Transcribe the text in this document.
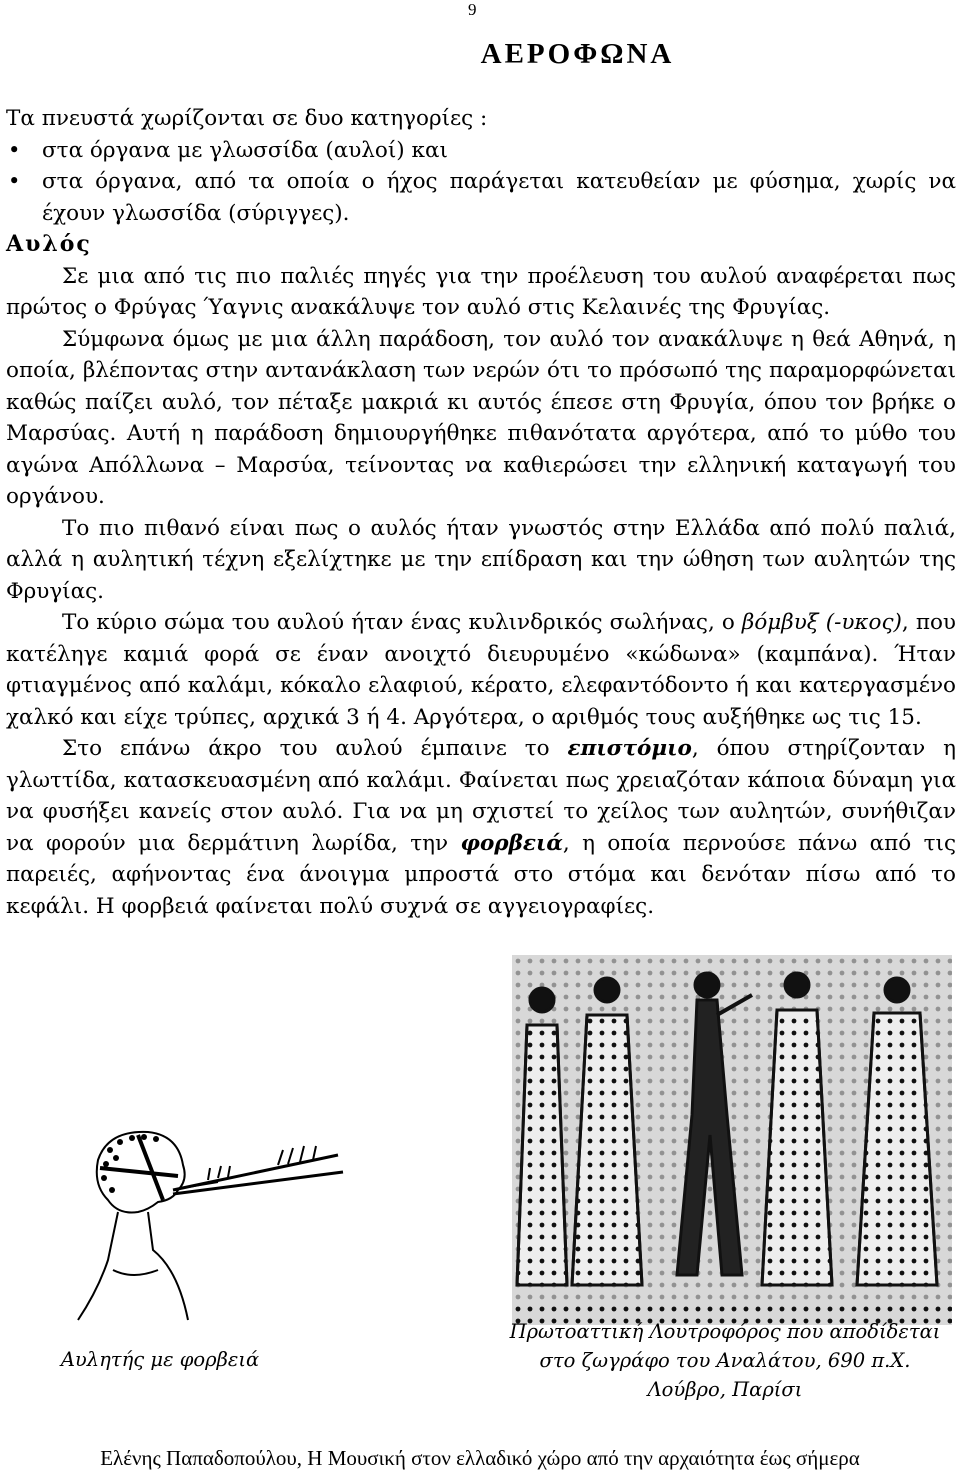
9
ΑΕΡΟΦΩΝΑ
Τα πνευστά χωρίζονται σε δυο κατηγορίες :
• στα όργανα με γλωσσίδα (αυλοί) και
• στα όργανα, από τα οποία ο ήχος παράγεται κατευθείαν με φύσημα, χωρίς να έχουν γλωσσίδα (σύριγγες).
Αυλός

Σε μια από τις πιο παλιές πηγές για την προέλευση του αυλού αναφέρεται πως πρώτος ο Φρύγας Ύαγνις ανακάλυψε τον αυλό στις Κελαινές της Φρυγίας.

Σύμφωνα όμως με μια άλλη παράδοση, τον αυλό τον ανακάλυψε η θεά Αθηνά, η οποία, βλέποντας στην αντανάκλαση των νερών ότι το πρόσωπό της παραμορφώνεται καθώς παίζει αυλό, τον πέταξε μακριά κι αυτός έπεσε στη Φρυγία, όπου τον βρήκε ο Μαρσύας. Αυτή η παράδοση δημιουργήθηκε πιθανότατα αργότερα, από το μύθο του αγώνα Απόλλωνα – Μαρσύα, τείνοντας να καθιερώσει την ελληνική καταγωγή του οργάνου.

Το πιο πιθανό είναι πως ο αυλός ήταν γνωστός στην Ελλάδα από πολύ παλιά, αλλά η αυλητική τέχνη εξελίχτηκε με την επίδραση και την ώθηση των αυλητών της Φρυγίας.

Το κύριο σώμα του αυλού ήταν ένας κυλινδρικός σωλήνας, ο βόμβυξ (-υκος), που κατέληγε καμιά φορά σε έναν ανοιχτό διευρυμένο «κώδωνα» (καμπάνα). Ήταν φτιαγμένος από καλάμι, κόκαλο ελαφιού, κέρατο, ελεφαντόδοντο ή και κατεργασμένο χαλκό και είχε τρύπες, αρχικά 3 ή 4. Αργότερα, ο αριθμός τους αυξήθηκε ως τις 15.

Στο επάνω άκρο του αυλού έμπαινε το επιστόμιο, όπου στηρίζονταν η γλωττίδα, κατασκευασμένη από καλάμι. Φαίνεται πως χρειαζόταν κάποια δύναμη για να φυσήξει κανείς στον αυλό. Για να μη σχιστεί το χείλος των αυλητών, συνήθιζαν να φορούν μια δερμάτινη λωρίδα, την φορβειά, η οποία περνούσε πάνω από τις παρειές, αφήνοντας ένα άνοιγμα μπροστά στο στόμα και δενόταν πίσω από το κεφάλι. Η φορβειά φαίνεται πολύ συχνά σε αγγειογραφίες.

Αυλητής με φορβειά
Πρωτοαττική Λουτροφόρος που αποδίδεται
στο ζωγράφο του Αναλάτου, 690 π.Χ.
Λούβρο, Παρίσι
Ελένης Παπαδοπούλου, Η Μουσική στον ελλαδικό χώρο από την αρχαιότητα έως σήμερα
